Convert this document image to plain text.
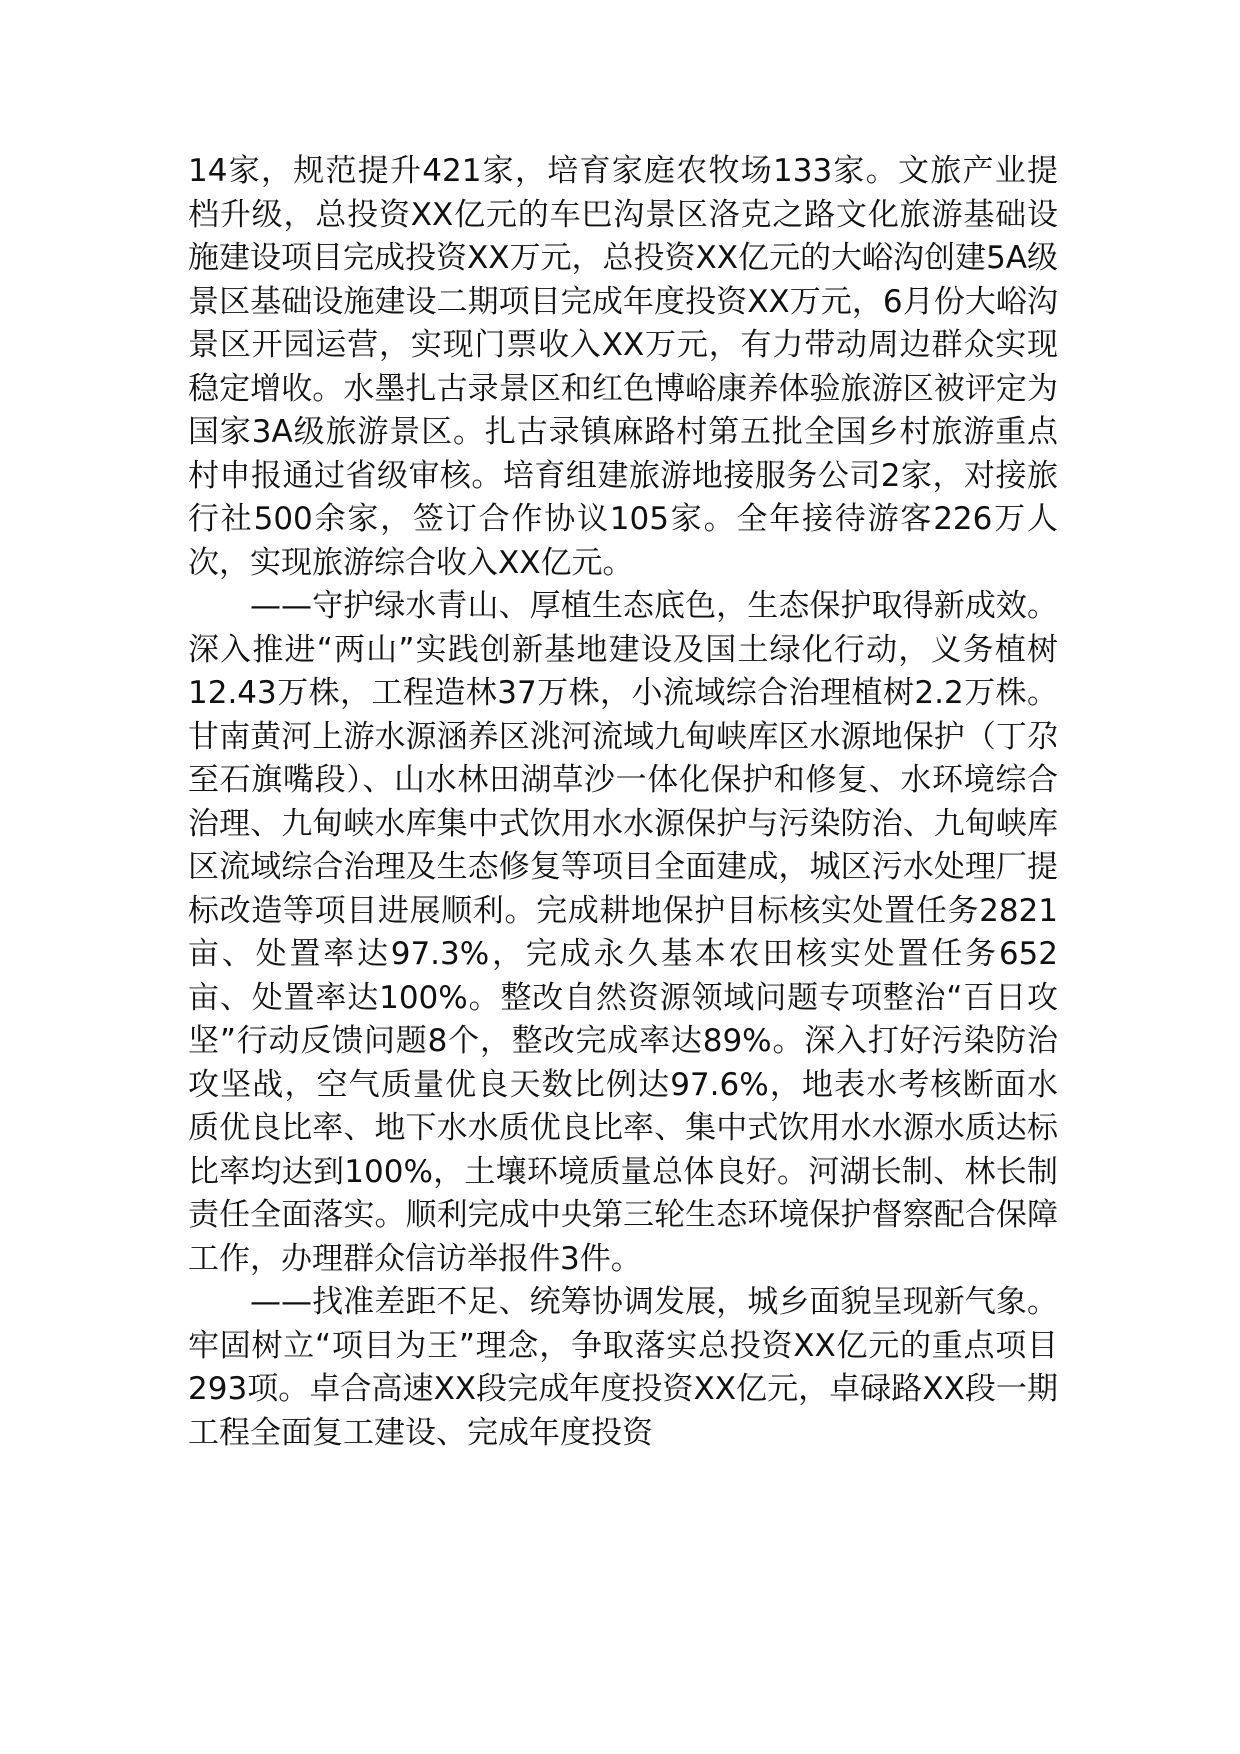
14家，规范提升421家，培育家庭农牧场133家。文旅产业提档升级，总投资XX亿元的车巴沟景区洛克之路文化旅游基础设施建设项目完成投资XX万元，总投资XX亿元的大峪沟创建5A级景区基础设施建设二期项目完成年度投资XX万元，6月份大峪沟景区开园运营，实现门票收入XX万元，有力带动周边群众实现稳定增收。水墨扎古录景区和红色博峪康养体验旅游区被评定为国家3A级旅游景区。扎古录镇麻路村第五批全国乡村旅游重点村申报通过省级审核。培育组建旅游地接服务公司2家，对接旅行社500余家，签订合作协议105家。全年接待游客226万人次，实现旅游综合收入XX亿元。

——守护绿水青山、厚植生态底色，生态保护取得新成效。深入推进“两山”实践创新基地建设及国土绿化行动，义务植树12.43万株，工程造林37万株，小流域综合治理植树2.2万株。甘南黄河上游水源涵养区洮河流域九甸峡库区水源地保护（丁尕至石旗嘴段）、山水林田湖草沙一体化保护和修复、水环境综合治理、九甸峡水库集中式饮用水水源保护与污染防治、九甸峡库区流域综合治理及生态修复等项目全面建成，城区污水处理厂提标改造等项目进展顺利。完成耕地保护目标核实处置任务2821亩、处置率达97.3%，完成永久基本农田核实处置任务652亩、处置率达100%。整改自然资源领域问题专项整治“百日攻坚”行动反馈问题8个，整改完成率达89%。深入打好污染防治攻坚战，空气质量优良天数比例达97.6%，地表水考核断面水质优良比率、地下水水质优良比率、集中式饮用水水源水质达标比率均达到100%，土壤环境质量总体良好。河湖长制、林长制责任全面落实。顺利完成中央第三轮生态环境保护督察配合保障工作，办理群众信访举报件3件。

——找准差距不足、统筹协调发展，城乡面貌呈现新气象。牢固树立“项目为王”理念，争取落实总投资XX亿元的重点项目293项。卓合高速XX段完成年度投资XX亿元，卓碌路XX段一期工程全面复工建设、完成年度投资
